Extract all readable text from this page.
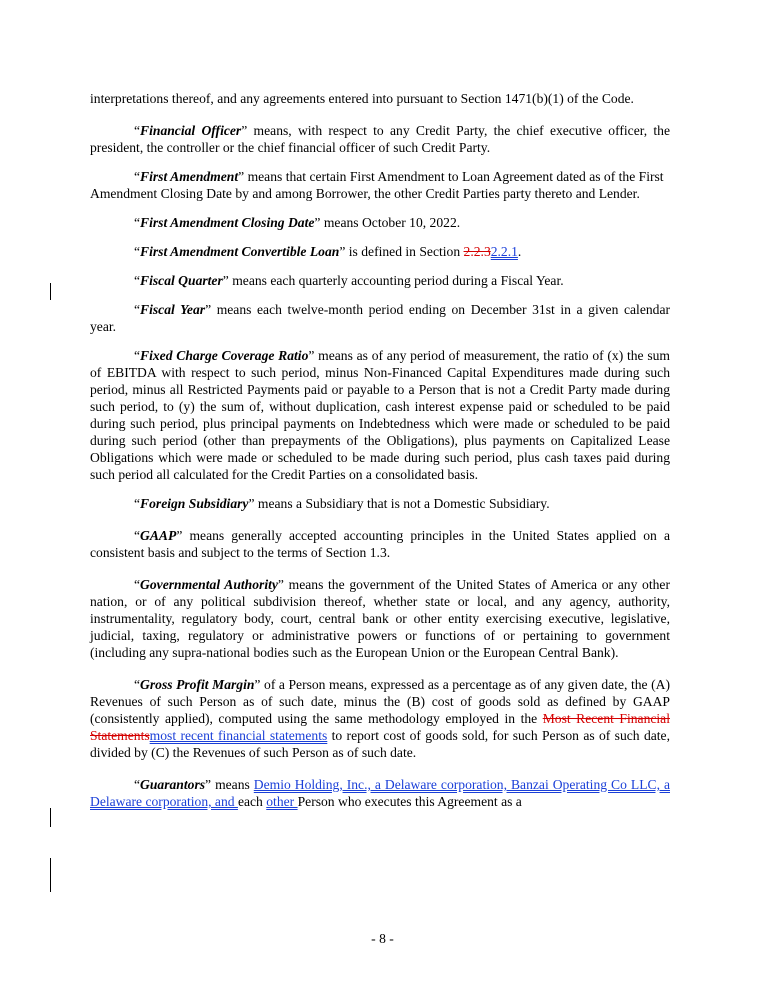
interpretations thereof, and any agreements entered into pursuant to Section 1471(b)(1) of the Code.

“Financial Officer” means, with respect to any Credit Party, the chief executive officer, the president, the controller or the chief financial officer of such Credit Party.

“First Amendment” means that certain First Amendment to Loan Agreement dated as of the First Amendment Closing Date by and among Borrower, the other Credit Parties party thereto and Lender.

“First Amendment Closing Date” means October 10, 2022.

“First Amendment Convertible Loan” is defined in Section 2.2.32.2.1.

“Fiscal Quarter” means each quarterly accounting period during a Fiscal Year.

“Fiscal Year” means each twelve-month period ending on December 31st in a given calendar year.

“Fixed Charge Coverage Ratio” means as of any period of measurement, the ratio of (x) the sum of EBITDA with respect to such period, minus Non-Financed Capital Expenditures made during such period, minus all Restricted Payments paid or payable to a Person that is not a Credit Party made during such period, to (y) the sum of, without duplication, cash interest expense paid or scheduled to be paid during such period, plus principal payments on Indebtedness which were made or scheduled to be paid during such period (other than prepayments of the Obligations), plus payments on Capitalized Lease Obligations which were made or scheduled to be made during such period, plus cash taxes paid during such period all calculated for the Credit Parties on a consolidated basis.

“Foreign Subsidiary” means a Subsidiary that is not a Domestic Subsidiary.

“GAAP” means generally accepted accounting principles in the United States applied on a consistent basis and subject to the terms of Section 1.3.

“Governmental Authority” means the government of the United States of America or any other nation, or of any political subdivision thereof, whether state or local, and any agency, authority, instrumentality, regulatory body, court, central bank or other entity exercising executive, legislative, judicial, taxing, regulatory or administrative powers or functions of or pertaining to government (including any supra-national bodies such as the European Union or the European Central Bank).

“Gross Profit Margin” of a Person means, expressed as a percentage as of any given date, the (A) Revenues of such Person as of such date, minus the (B) cost of goods sold as defined by GAAP (consistently applied), computed using the same methodology employed in the Most Recent Financial Statementsmost recent financial statements to report cost of goods sold, for such Person as of such date, divided by (C) the Revenues of such Person as of such date.

“Guarantors” means Demio Holding, Inc., a Delaware corporation, Banzai Operating Co LLC, a Delaware corporation, and each other Person who executes this Agreement as a

- 8 -
